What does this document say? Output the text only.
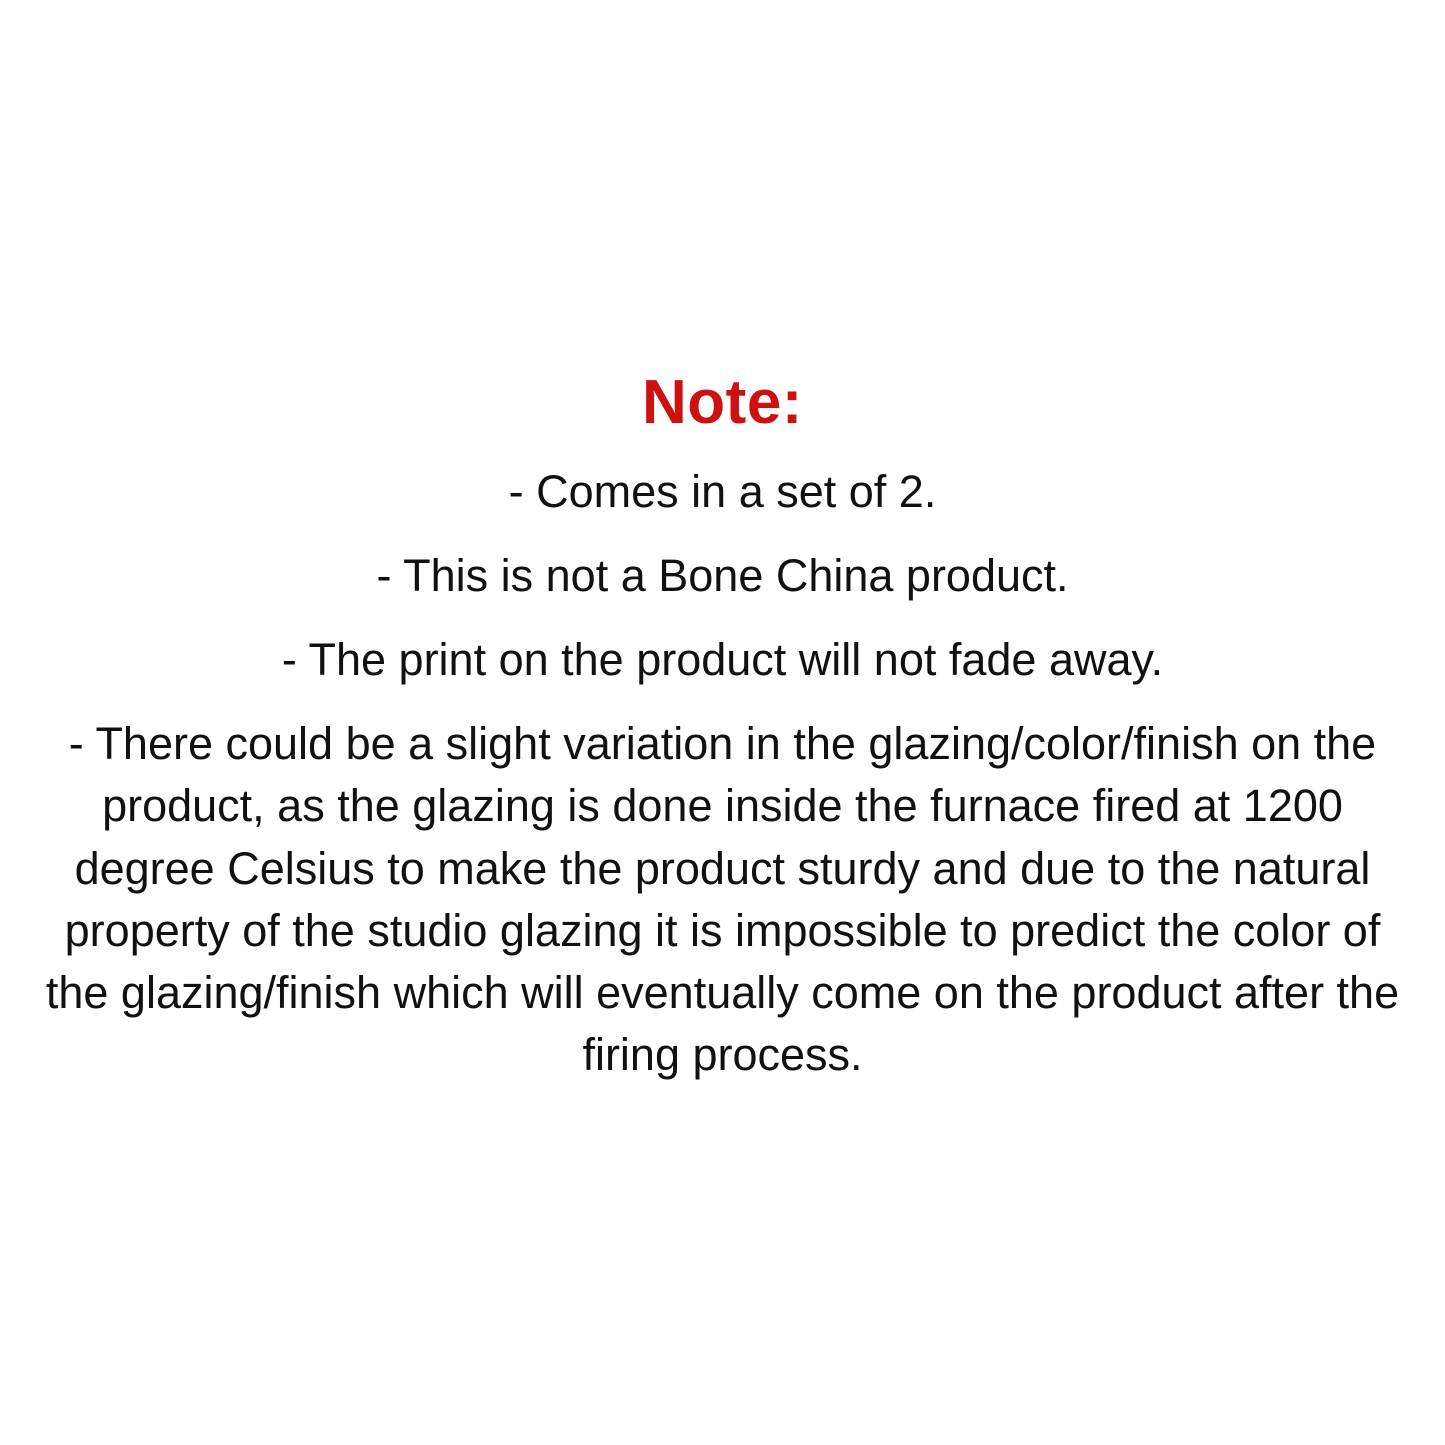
Note:

- Comes in a set of 2.

- This is not a Bone China product.

- The print on the product will not fade away.

- There could be a slight variation in the glazing/color/finish on the product, as the glazing is done inside the furnace fired at 1200 degree Celsius to make the product sturdy and due to the natural property of the studio glazing it is impossible to predict the color of the glazing/finish which will eventually come on the product after the firing process.
